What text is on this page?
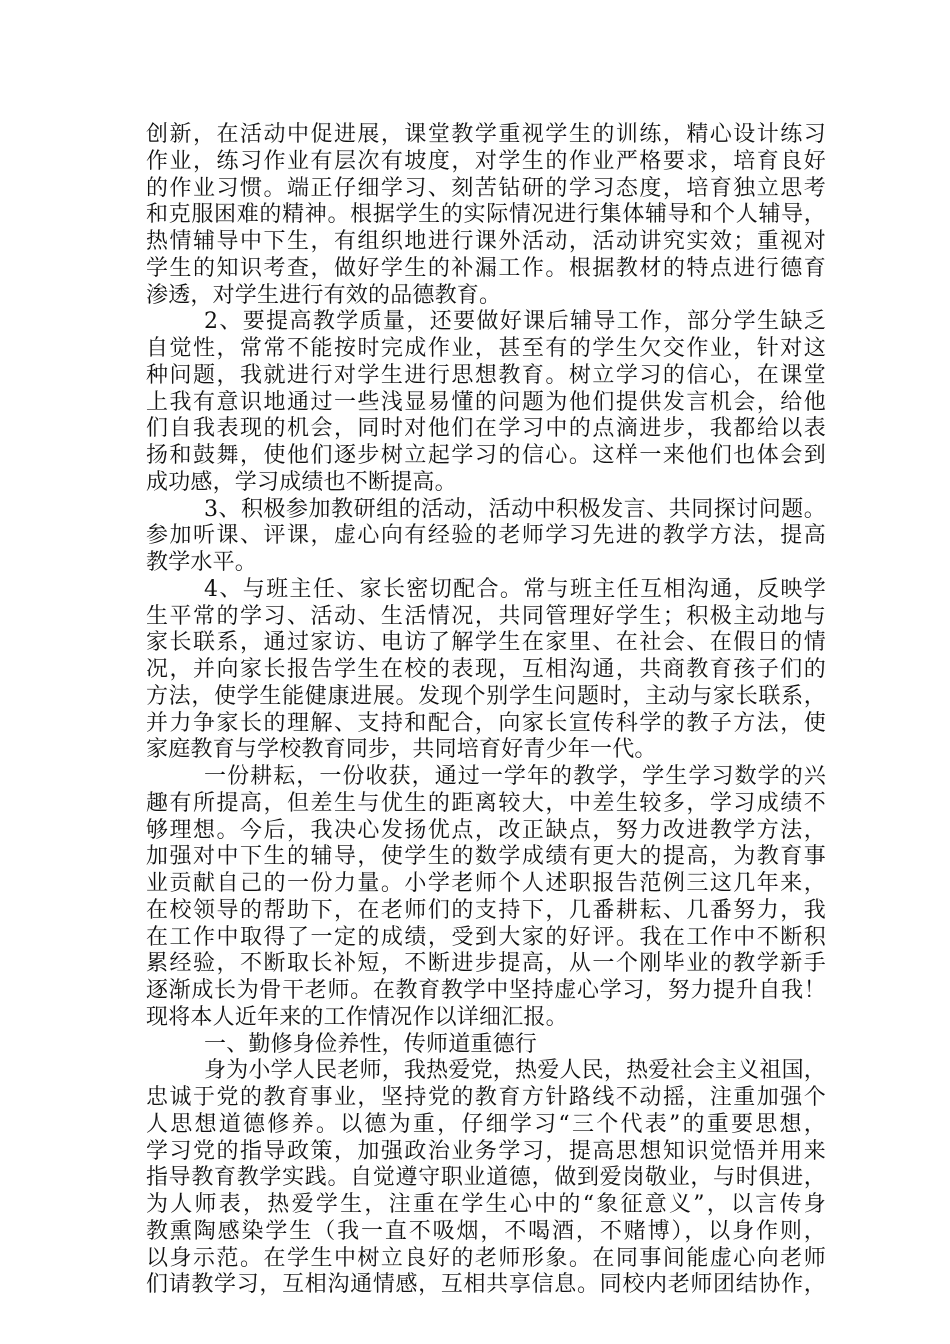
创新，在活动中促进展，课堂教学重视学生的训练，精心设计练习
作业，练习作业有层次有坡度，对学生的作业严格要求，培育良好
的作业习惯。端正仔细学习、刻苦钻研的学习态度，培育独立思考
和克服困难的精神。根据学生的实际情况进行集体辅导和个人辅导，
热情辅导中下生，有组织地进行课外活动，活动讲究实效；重视对
学生的知识考查，做好学生的补漏工作。根据教材的特点进行德育
渗透，对学生进行有效的品德教育。
2、要提高教学质量，还要做好课后辅导工作，部分学生缺乏
自觉性，常常不能按时完成作业，甚至有的学生欠交作业，针对这
种问题，我就进行对学生进行思想教育。树立学习的信心，在课堂
上我有意识地通过一些浅显易懂的问题为他们提供发言机会，给他
们自我表现的机会，同时对他们在学习中的点滴进步，我都给以表
扬和鼓舞，使他们逐步树立起学习的信心。这样一来他们也体会到
成功感，学习成绩也不断提高。
3、积极参加教研组的活动，活动中积极发言、共同探讨问题。
参加听课、评课，虚心向有经验的老师学习先进的教学方法，提高
教学水平。
4、与班主任、家长密切配合。常与班主任互相沟通，反映学
生平常的学习、活动、生活情况，共同管理好学生；积极主动地与
家长联系，通过家访、电访了解学生在家里、在社会、在假日的情
况，并向家长报告学生在校的表现，互相沟通，共商教育孩子们的
方法，使学生能健康进展。发现个别学生问题时，主动与家长联系，
并力争家长的理解、支持和配合，向家长宣传科学的教子方法，使
家庭教育与学校教育同步，共同培育好青少年一代。
一份耕耘，一份收获，通过一学年的教学，学生学习数学的兴
趣有所提高，但差生与优生的距离较大，中差生较多，学习成绩不
够理想。今后，我决心发扬优点，改正缺点，努力改进教学方法，
加强对中下生的辅导，使学生的数学成绩有更大的提高，为教育事
业贡献自己的一份力量。小学老师个人述职报告范例三这几年来，
在校领导的帮助下，在老师们的支持下，几番耕耘、几番努力，我
在工作中取得了一定的成绩，受到大家的好评。我在工作中不断积
累经验，不断取长补短，不断进步提高，从一个刚毕业的教学新手
逐渐成长为骨干老师。在教育教学中坚持虚心学习，努力提升自我！
现将本人近年来的工作情况作以详细汇报。
一、勤修身俭养性，传师道重德行
身为小学人民老师，我热爱党，热爱人民，热爱社会主义祖国，
忠诚于党的教育事业，坚持党的教育方针路线不动摇，注重加强个
人思想道德修养。以德为重，仔细学习“三个代表”的重要思想，
学习党的指导政策，加强政治业务学习，提高思想知识觉悟并用来
指导教育教学实践。自觉遵守职业道德，做到爱岗敬业，与时俱进，
为人师表，热爱学生，注重在学生心中的“象征意义”，以言传身
教熏陶感染学生（我一直不吸烟，不喝酒，不赌博），以身作则，
以身示范。在学生中树立良好的老师形象。在同事间能虚心向老师
们请教学习，互相沟通情感，互相共享信息。同校内老师团结协作，
